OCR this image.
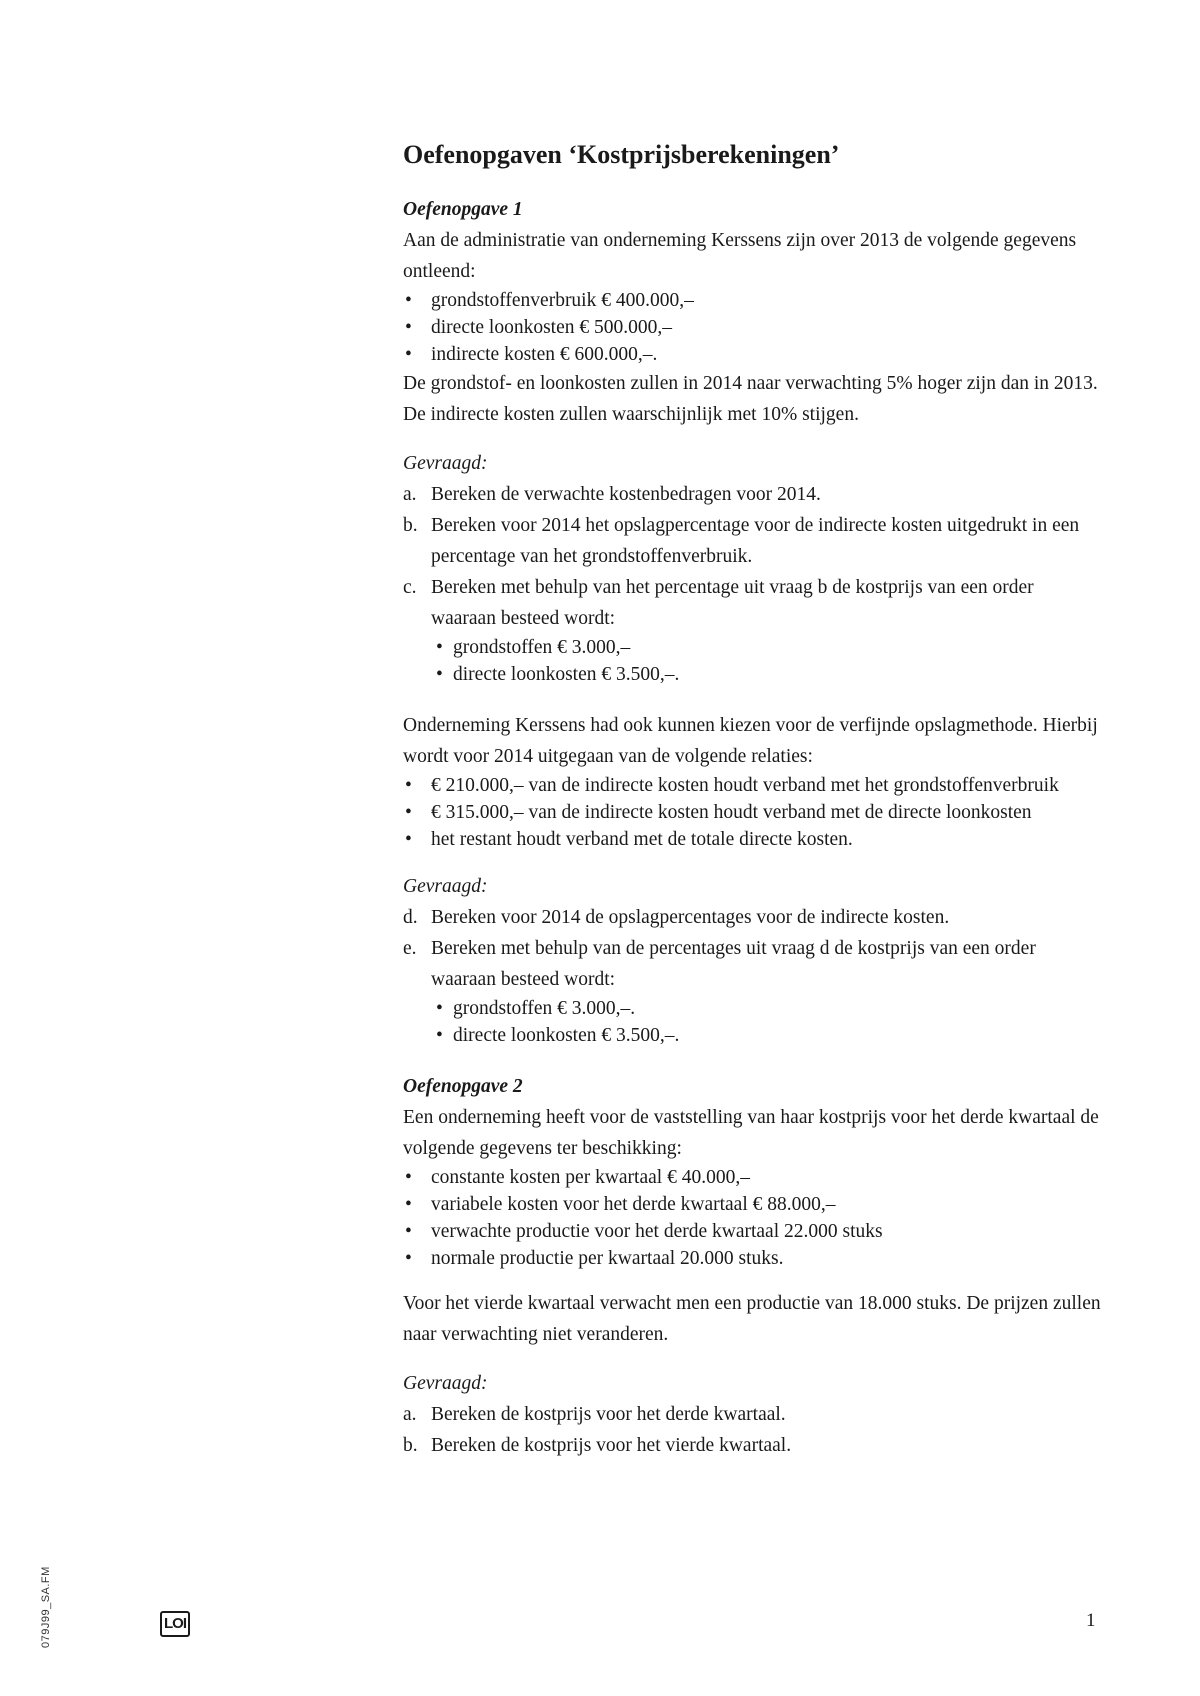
Oefenopgaven ‘Kostprijsberekeningen’

Oefenopgave 1

Aan de administratie van onderneming Kerssens zijn over 2013 de volgende gegevens ontleend:

• grondstoffenverbruik € 400.000,–
• directe loonkosten € 500.000,–
• indirecte kosten € 600.000,–.

De grondstof- en loonkosten zullen in 2014 naar verwachting 5% hoger zijn dan in 2013. De indirecte kosten zullen waarschijnlijk met 10% stijgen.

Gevraagd:

a. Bereken de verwachte kostenbedragen voor 2014.
b. Bereken voor 2014 het opslagpercentage voor de indirecte kosten uitgedrukt in een percentage van het grondstoffenverbruik.
c. Bereken met behulp van het percentage uit vraag b de kostprijs van een order waaraan besteed wordt:
• grondstoffen € 3.000,–
• directe loonkosten € 3.500,–.

Onderneming Kerssens had ook kunnen kiezen voor de verfijnde opslagmethode. Hierbij wordt voor 2014 uitgegaan van de volgende relaties:

• € 210.000,– van de indirecte kosten houdt verband met het grondstoffenverbruik
• € 315.000,– van de indirecte kosten houdt verband met de directe loonkosten
• het restant houdt verband met de totale directe kosten.

Gevraagd:

d. Bereken voor 2014 de opslagpercentages voor de indirecte kosten.
e. Bereken met behulp van de percentages uit vraag d de kostprijs van een order waaraan besteed wordt:
• grondstoffen € 3.000,–.
• directe loonkosten € 3.500,–.

Oefenopgave 2

Een onderneming heeft voor de vaststelling van haar kostprijs voor het derde kwartaal de volgende gegevens ter beschikking:

• constante kosten per kwartaal € 40.000,–
• variabele kosten voor het derde kwartaal € 88.000,–
• verwachte productie voor het derde kwartaal 22.000 stuks
• normale productie per kwartaal 20.000 stuks.

Voor het vierde kwartaal verwacht men een productie van 18.000 stuks. De prijzen zullen naar verwachting niet veranderen.

Gevraagd:

a. Bereken de kostprijs voor het derde kwartaal.
b. Bereken de kostprijs voor het vierde kwartaal.
079J99_SA.FM	LOI	1
